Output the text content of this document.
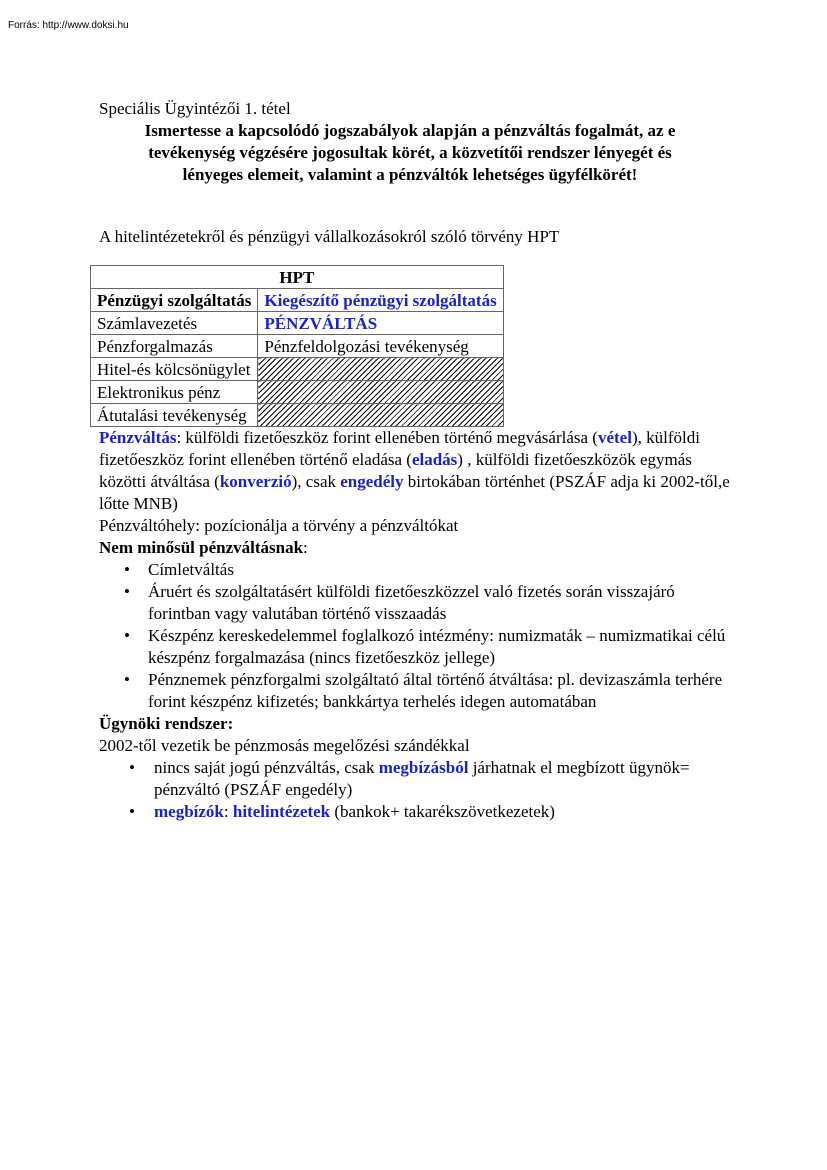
Forrás: http://www.doksi.hu

Speciális Ügyintézői 1. tétel

Ismertesse a kapcsolódó jogszabályok alapján a pénzváltás fogalmát, az e
tevékenység végzésére jogosultak körét, a közvetítői rendszer lényegét és
lényeges elemeit, valamint a pénzváltók lehetséges ügyfélkörét!

A hitelintézetekről és pénzügyi vállalkozásokról szóló törvény HPT

HPT	
Pénzügyi szolgáltatás	Kiegészítő pénzügyi szolgáltatás
Számlavezetés	PÉNZVÁLTÁS
Pénzforgalmazás	Pénzfeldolgozási tevékenység
Hitel-és kölcsönügylet	
Elektronikus pénz	
Átutalási tevékenység	

Pénzváltás: külföldi fizetőeszköz forint ellenében történő megvásárlása (vétel), külföldi fizetőeszköz forint ellenében történő eladása (eladás) , külföldi fizetőeszközök egymás közötti átváltása (konverzió), csak engedély birtokában történhet (PSZÁF adja ki 2002-től,e lőtte MNB)

Pénzváltóhely: pozícionálja a törvény a pénzváltókat

Nem minősül pénzváltásnak:

• Címletváltás
• Áruért és szolgáltatásért külföldi fizetőeszközzel való fizetés során visszajáró forintban vagy valutában történő visszaadás
• Készpénz kereskedelemmel foglalkozó intézmény: numizmaták – numizmatikai célú készpénz forgalmazása (nincs fizetőeszköz jellege)
• Pénznemek pénzforgalmi szolgáltató által történő átváltása: pl. devizaszámla terhére forint készpénz kifizetés; bankkártya terhelés idegen automatában

Ügynöki rendszer:

2002-től vezetik be pénzmosás megelőzési szándékkal

• nincs saját jogú pénzváltás, csak megbízásból járhatnak el megbízott ügynök= pénzváltó (PSZÁF engedély)
• megbízók: hitelintézetek (bankok+ takarékszövetkezetek)
